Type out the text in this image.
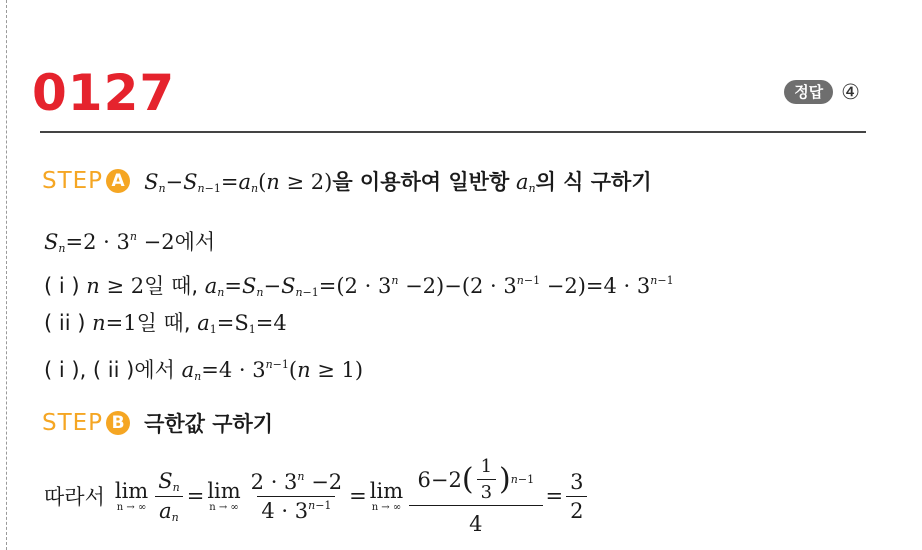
0127	정답 ④
STEP A $S_n-S_{n-1}=a_n(n \ge 2)$을 이용하여 일반항 $a_n$의 식 구하기
$S_n=2 \cdot 3^n -2$에서
( i ) n ≥ 2일 때, $a_n=S_n-S_{n-1}=(2 \cdot 3^n -2)-(2 \cdot 3^{n-1} -2)=4 \cdot 3^{n-1}$
( ii ) n=1일 때, $a_1=S_1=4$
( i ), ( ii )에서 $a_n=4 \cdot 3^{n-1}(n \ge 1)$
STEP B 극한값 구하기
따라서 lim
n → ∞ $\frac{S_n}{a_n} = \lim$
n → ∞ $\frac{2 \cdot 3^n -2}{4 \cdot 3^{n-1}} = \lim$
n → ∞ $\frac{6-2 ( \frac{1}{3} ) n-1}{4} = \frac{3}{2}$
